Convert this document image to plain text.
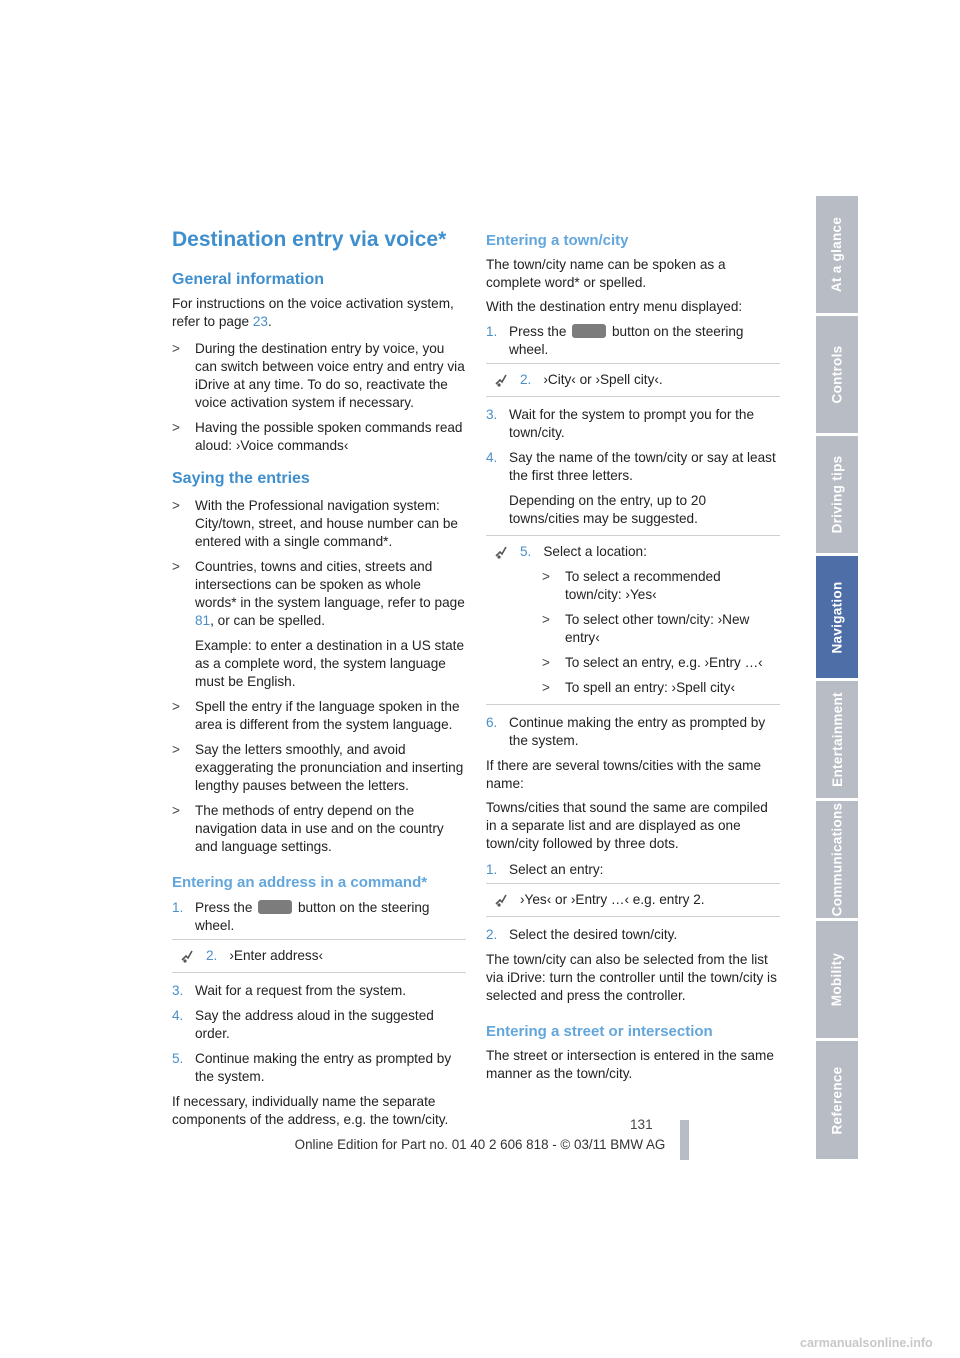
Destination entry via voice*
General information

For instructions on the voice activation system, refer to page 23.

> During the destination entry by voice, you can switch between voice entry and entry via iDrive at any time. To do so, reactivate the voice activation system if necessary.
> Having the possible spoken commands read aloud: ›Voice commands‹
Saying the entries
> With the Professional navigation system: City/town, street, and house number can be entered with a single command*.
> Countries, towns and cities, streets and intersections can be spoken as whole words* in the system language, refer to page 81, or can be spelled.
Example: to enter a destination in a US state as a complete word, the system language must be English.
> Spell the entry if the language spoken in the area is different from the system language.
> Say the letters smoothly, and avoid exaggerating the pronunciation and inserting lengthy pauses between the letters.
> The methods of entry depend on the navigation data in use and on the country and language settings.
Entering an address in a command*
1. Press the	button on the steering wheel.
2. ›Enter address‹
3. Wait for a request from the system.
4. Say the address aloud in the suggested order.
5. Continue making the entry as prompted by the system.

If necessary, individually name the separate components of the address, e.g. the town/city.

Entering a town/city

The town/city name can be spoken as a complete word* or spelled.

With the destination entry menu displayed:

1. Press the	button on the steering wheel.
2. ›City‹ or ›Spell city‹.
3. Wait for the system to prompt you for the town/city.
4. Say the name of the town/city or say at least the first three letters.
Depending on the entry, up to 20 towns/cities may be suggested.
5. Select a location:
> To select a recommended town/city: ›Yes‹
> To select other town/city: ›New entry‹
> To select an entry, e.g. ›Entry …‹
> To spell an entry: ›Spell city‹
6. Continue making the entry as prompted by the system.

If there are several towns/cities with the same name:

Towns/cities that sound the same are compiled in a separate list and are displayed as one town/city followed by three dots.

1. Select an entry:
›Yes‹ or ›Entry …‹ e.g. entry 2.
2. Select the desired town/city.

The town/city can also be selected from the list via iDrive: turn the controller until the town/city is selected and press the controller.

Entering a street or intersection

The street or intersection is entered in the same manner as the town/city.

At a glance
Controls
Driving tips
Navigation
Entertainment
Communications
Mobility
Reference
131
Online Edition for Part no. 01 40 2 606 818 - © 03/11 BMW AG
carmanualsonline.info
